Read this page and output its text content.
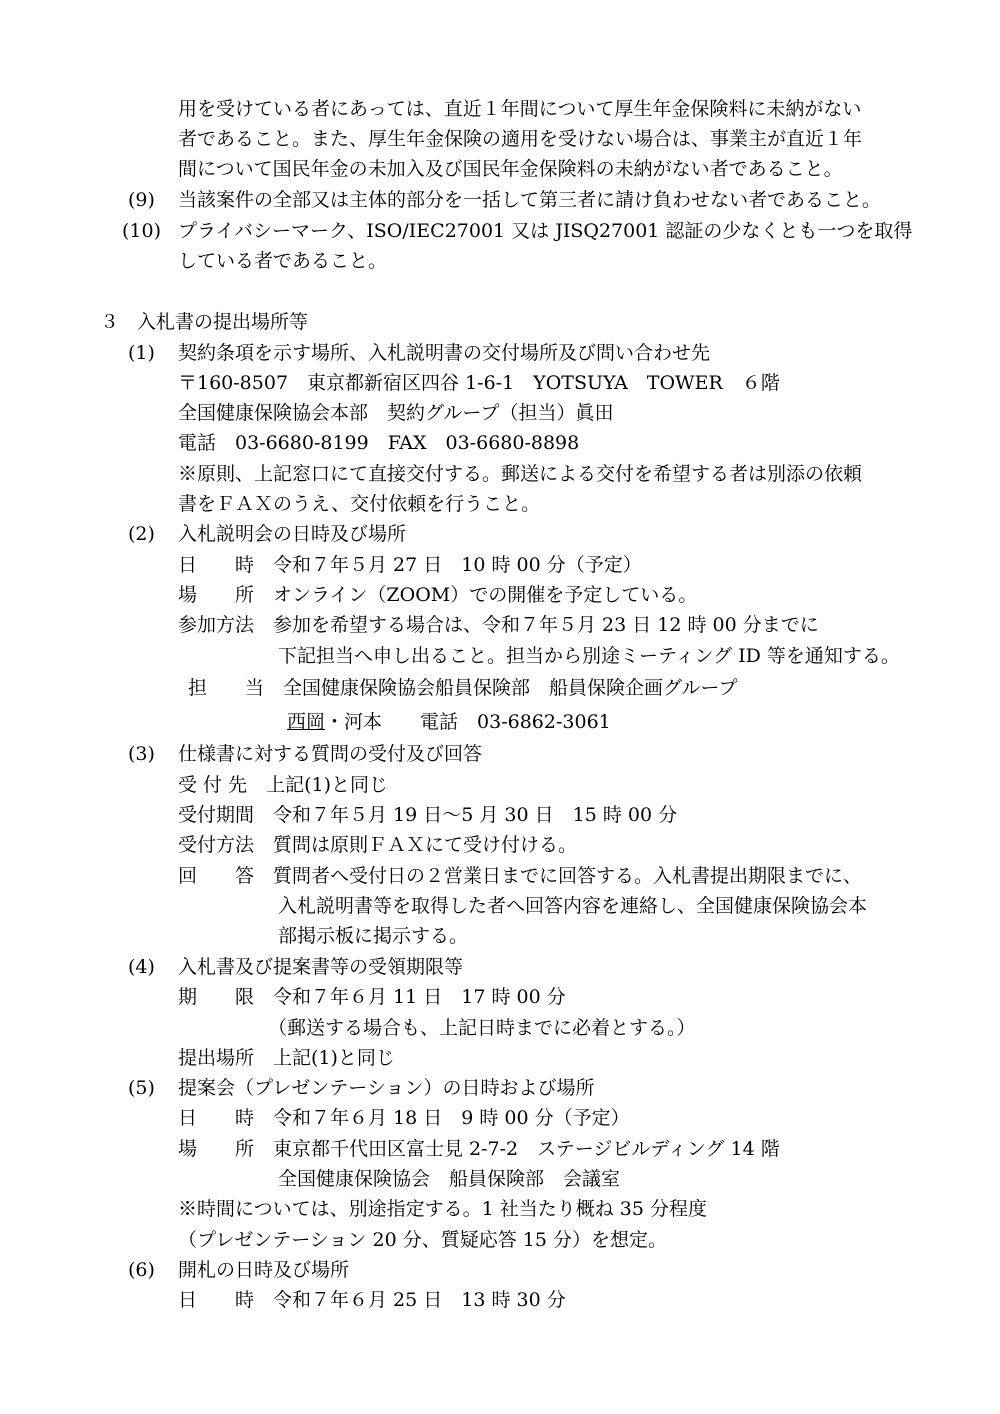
用を受けている者にあっては、直近１年間について厚生年金保険料に未納がない
者であること。また、厚生年金保険の適用を受けない場合は、事業主が直近１年
間について国民年金の未加入及び国民年金保険料の未納がない者であること。
(9) 当該案件の全部又は主体的部分を一括して第三者に請け負わせない者であること。
(10) プライバシーマーク、ISO/IEC27001 又は JISQ27001 認証の少なくとも一つを取得
している者であること。
３ 入札書の提出場所等
(1) 契約条項を示す場所、入札説明書の交付場所及び問い合わせ先
〒160-8507　東京都新宿区四谷 1-6-1　YOTSUYA　TOWER　６階
全国健康保険協会本部　契約グループ（担当）眞田
電話　03-6680-8199　FAX　03-6680-8898
※原則、上記窓口にて直接交付する。郵送による交付を希望する者は別添の依頼
書をＦＡＸのうえ、交付依頼を行うこと。
(2) 入札説明会の日時及び場所
日　　時　令和７年５月 27 日　10 時 00 分（予定）
場　　所　オンライン（ZOOM）での開催を予定している。
参加方法　参加を希望する場合は、令和７年５月 23 日 12 時 00 分までに
下記担当へ申し出ること。担当から別途ミーティング ID 等を通知する。
担　　当　全国健康保険協会船員保険部　船員保険企画グループ
西岡・河本　　電話　03-6862-3061
(3) 仕様書に対する質問の受付及び回答
受 付 先　上記(1)と同じ
受付期間　令和７年５月 19 日～5 月 30 日　15 時 00 分
受付方法　質問は原則ＦＡＸにて受け付ける。
回　　答　質問者へ受付日の２営業日までに回答する。入札書提出期限までに、
入札説明書等を取得した者へ回答内容を連絡し、全国健康保険協会本
部掲示板に掲示する。
(4) 入札書及び提案書等の受領期限等
期　　限　令和７年６月 11 日　17 時 00 分
（郵送する場合も、上記日時までに必着とする。）
提出場所　上記(1)と同じ
(5) 提案会（プレゼンテーション）の日時および場所
日　　時　令和７年６月 18 日　9 時 00 分（予定）
場　　所　東京都千代田区富士見 2-7-2　ステージビルディング 14 階
全国健康保険協会　船員保険部　会議室
※時間については、別途指定する。1 社当たり概ね 35 分程度
（プレゼンテーション 20 分、質疑応答 15 分）を想定。
(6) 開札の日時及び場所
日　　時　令和７年６月 25 日　13 時 30 分
